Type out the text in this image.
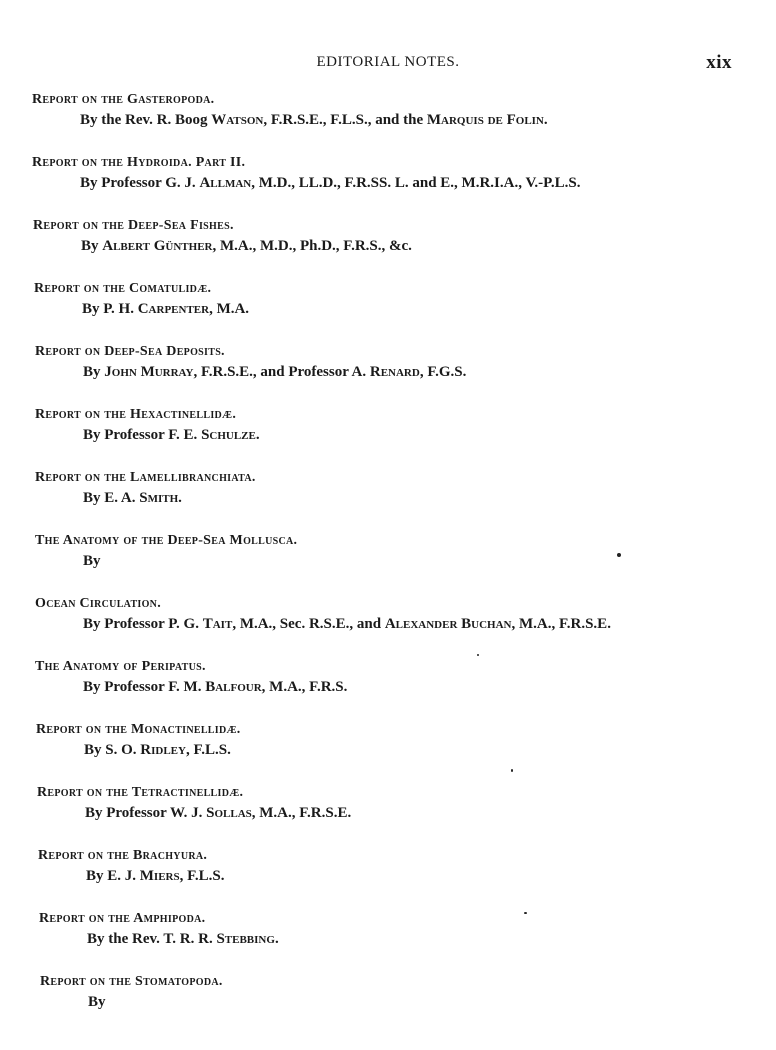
EDITORIAL NOTES.	xix
Report on the Gasteropoda.
By the Rev. R. Boog Watson, F.R.S.E., F.L.S., and the Marquis de Folin.
Report on the Hydroida. Part II.
By Professor G. J. Allman, M.D., LL.D., F.R.SS. L. and E., M.R.I.A., V.-P.L.S.
Report on the Deep-Sea Fishes.
By Albert Günther, M.A., M.D., Ph.D., F.R.S., &c.
Report on the Comatulidæ.
By P. H. Carpenter, M.A.
Report on Deep-Sea Deposits.
By John Murray, F.R.S.E., and Professor A. Renard, F.G.S.
Report on the Hexactinellidæ.
By Professor F. E. Schulze.
Report on the Lamellibranchiata.
By E. A. Smith.
The Anatomy of the Deep-Sea Mollusca.
By
Ocean Circulation.
By Professor P. G. Tait, M.A., Sec. R.S.E., and Alexander Buchan, M.A., F.R.S.E.
The Anatomy of Peripatus.
By Professor F. M. Balfour, M.A., F.R.S.
Report on the Monactinellidæ.
By S. O. Ridley, F.L.S.
Report on the Tetractinellidæ.
By Professor W. J. Sollas, M.A., F.R.S.E.
Report on the Brachyura.
By E. J. Miers, F.L.S.
Report on the Amphipoda.
By the Rev. T. R. R. Stebbing.
Report on the Stomatopoda.
By
